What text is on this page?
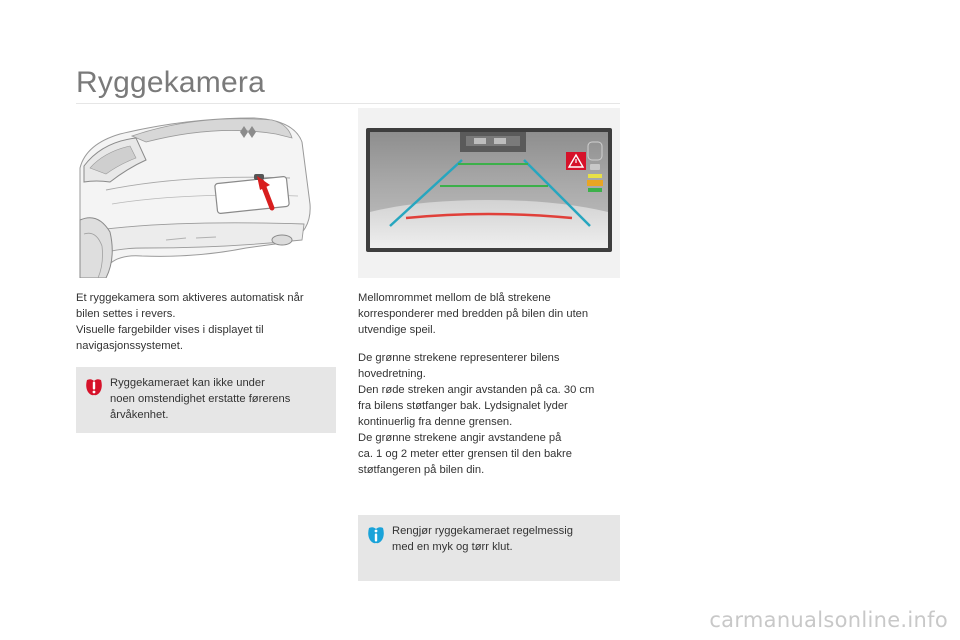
Ryggekamera

Et ryggekamera som aktiveres automatisk når
bilen settes i revers.
Visuelle fargebilder vises i displayet til
navigasjonssystemet.

Ryggekameraet kan ikke under
noen omstendighet erstatte førerens
årvåkenhet.

Mellomrommet mellom de blå strekene
korresponderer med bredden på bilen din uten
utvendige speil.

De grønne strekene representerer bilens
hovedretning.
Den røde streken angir avstanden på ca. 30 cm
fra bilens støtfanger bak. Lydsignalet lyder
kontinuerlig fra denne grensen.
De grønne strekene angir avstandene på
ca. 1 og 2 meter etter grensen til den bakre
støtfangeren på bilen din.

Rengjør ryggekameraet regelmessig
med en myk og tørr klut.

carmanualsonline.info
